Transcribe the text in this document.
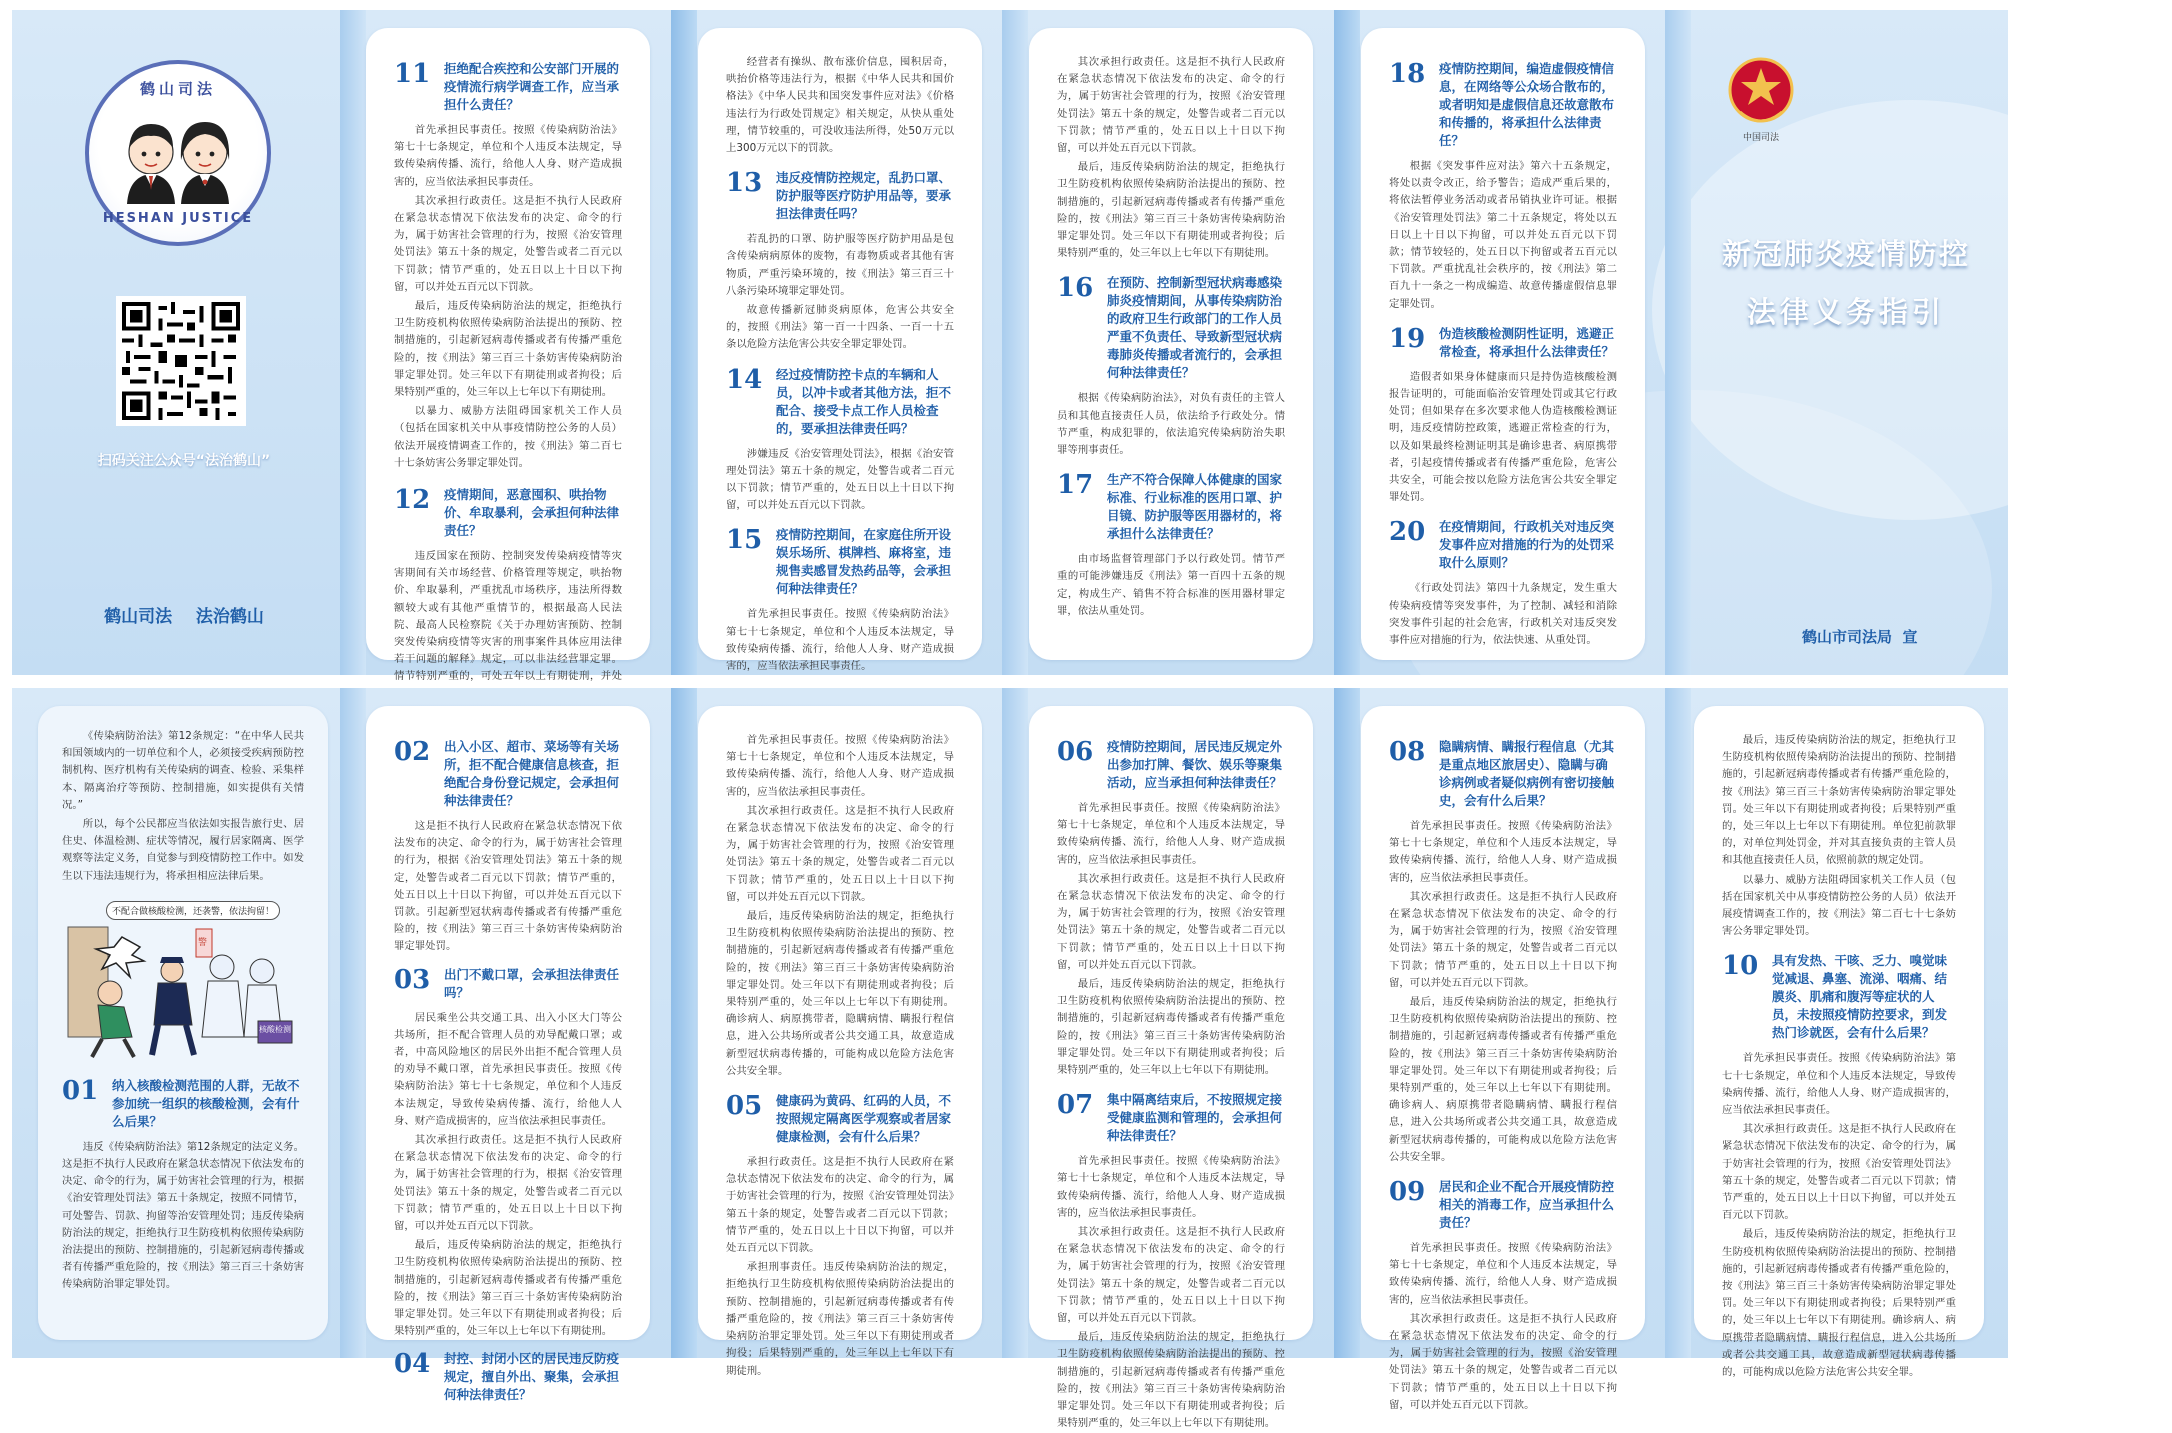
鹤山司法
HESHAN JUSTICE
扫码关注公众号“法治鹤山”
鹤山司法    法治鹤山
11	拒绝配合疾控和公安部门开展的疫情流行病学调查工作，应当承担什么责任？

首先承担民事责任。按照《传染病防治法》第七十七条规定，单位和个人违反本法规定，导致传染病传播、流行，给他人人身、财产造成损害的，应当依法承担民事责任。

其次承担行政责任。这是拒不执行人民政府在紧急状态情况下依法发布的决定、命令的行为，属于妨害社会管理的行为，按照《治安管理处罚法》第五十条的规定，处警告或者二百元以下罚款；情节严重的，处五日以上十日以下拘留，可以并处五百元以下罚款。

最后，违反传染病防治法的规定，拒绝执行卫生防疫机构依照传染病防治法提出的预防、控制措施的，引起新冠病毒传播或者有传播严重危险的，按《刑法》第三百三十条妨害传染病防治罪定罪处罚。处三年以下有期徒刑或者拘役；后果特别严重的，处三年以上七年以下有期徒刑。

以暴力、威胁方法阻碍国家机关工作人员（包括在国家机关中从事疫情防控公务的人员）依法开展疫情调查工作的，按《刑法》第二百七十七条妨害公务罪定罪处罚。

12	疫情期间，恶意囤积、哄抬物价、牟取暴利，会承担何种法律责任？

违反国家在预防、控制突发传染病疫情等灾害期间有关市场经营、价格管理等规定，哄抬物价、牟取暴利，严重扰乱市场秩序，违法所得数额较大或有其他严重情节的，根据最高人民法院、最高人民检察院《关于办理妨害预防、控制突发传染病疫情等灾害的刑事案件具体应用法律若干问题的解释》规定，可以非法经营罪定罪。情节特别严重的，可处五年以上有期徒刑，并处

经营者有操纵、散布涨价信息，囤积居奇，哄抬价格等违法行为，根据《中华人民共和国价格法》《中华人民共和国突发事件应对法》《价格违法行为行政处罚规定》相关规定，从快从重处理，情节较重的，可没收违法所得，处50万元以上300万元以下的罚款。

13	违反疫情防控规定，乱扔口罩、防护服等医疗防护用品等，要承担法律责任吗？

若乱扔的口罩、防护服等医疗防护用品是包含传染病病原体的废物，有毒物质或者其他有害物质，严重污染环境的，按《刑法》第三百三十八条污染环境罪定罪处罚。

故意传播新冠肺炎病原体，危害公共安全的，按照《刑法》第一百一十四条、一百一十五条以危险方法危害公共安全罪定罪处罚。

14	经过疫情防控卡点的车辆和人员，以冲卡或者其他方法，拒不配合、接受卡点工作人员检查的，要承担法律责任吗？

涉嫌违反《治安管理处罚法》，根据《治安管理处罚法》第五十条的规定，处警告或者二百元以下罚款；情节严重的，处五日以上十日以下拘留，可以并处五百元以下罚款。

15	疫情防控期间，在家庭住所开设娱乐场所、棋牌档、麻将室，违规售卖感冒发热药品等，会承担何种法律责任？

首先承担民事责任。按照《传染病防治法》第七十七条规定，单位和个人违反本法规定，导致传染病传播、流行，给他人人身、财产造成损害的，应当依法承担民事责任。

其次承担行政责任。这是拒不执行人民政府在紧急状态情况下依法发布的决定、命令的行为，属于妨害社会管理的行为，按照《治安管理处罚法》第五十条的规定，处警告或者二百元以下罚款；情节严重的，处五日以上十日以下拘留，可以并处五百元以下罚款。

最后，违反传染病防治法的规定，拒绝执行卫生防疫机构依照传染病防治法提出的预防、控制措施的，引起新冠病毒传播或者有传播严重危险的，按《刑法》第三百三十条妨害传染病防治罪定罪处罚。处三年以下有期徒刑或者拘役；后果特别严重的，处三年以上七年以下有期徒刑。

16	在预防、控制新型冠状病毒感染肺炎疫情期间，从事传染病防治的政府卫生行政部门的工作人员严重不负责任、导致新型冠状病毒肺炎传播或者流行的，会承担何种法律责任？

根据《传染病防治法》，对负有责任的主管人员和其他直接责任人员，依法给予行政处分。情节严重，构成犯罪的，依法追究传染病防治失职罪等刑事责任。

17	生产不符合保障人体健康的国家标准、行业标准的医用口罩、护目镜、防护服等医用器材的，将承担什么法律责任？

由市场监督管理部门予以行政处罚。情节严重的可能涉嫌违反《刑法》第一百四十五条的规定，构成生产、销售不符合标准的医用器材罪定罪，依法从重处罚。

18	疫情防控期间，编造虚假疫情信息，在网络等公众场合散布的，或者明知是虚假信息还故意散布和传播的，将承担什么法律责任？

根据《突发事件应对法》第六十五条规定，将处以责令改正，给予警告；造成严重后果的，将依法暂停业务活动或者吊销执业许可证。根据《治安管理处罚法》第二十五条规定，将处以五日以上十日以下拘留，可以并处五百元以下罚款；情节较轻的，处五日以下拘留或者五百元以下罚款。严重扰乱社会秩序的，按《刑法》第二百九十一条之一构成编造、故意传播虚假信息罪定罪处罚。

19	伪造核酸检测阴性证明，逃避正常检查，将承担什么法律责任？

造假者如果身体健康而只是持伪造核酸检测报告证明的，可能面临治安管理处罚或其它行政处罚；但如果存在多次要求他人伪造核酸检测证明，违反疫情防控政策，逃避正常检查的行为，以及如果最终检测证明其是确诊患者、病原携带者，引起疫情传播或者有传播严重危险，危害公共安全，可能会按以危险方法危害公共安全罪定罪处罚。

20	在疫情期间，行政机关对违反突发事件应对措施的行为的处罚采取什么原则？

《行政处罚法》第四十九条规定，发生重大传染病疫情等突发事件，为了控制、减轻和消除突发事件引起的社会危害，行政机关对违反突发事件应对措施的行为，依法快速、从重处罚。

中国司法
新冠肺炎疫情防控
法律义务指引
鹤山市司法局  宣

《传染病防治法》第12条规定：“在中华人民共和国领域内的一切单位和个人，必须接受疾病预防控制机构、医疗机构有关传染病的调查、检验、采集样本、隔离治疗等预防、控制措施，如实提供有关情况。”

所以，每个公民都应当依法如实报告旅行史、居住史、体温检测、症状等情况，履行居家隔离、医学观察等法定义务，自觉参与到疫情防控工作中。如发生以下违法违规行为，将承担相应法律后果。

不配合做核酸检测，还袭警，依法拘留！
警
核酸检测
01	纳入核酸检测范围的人群，无故不参加统一组织的核酸检测，会有什么后果？

违反《传染病防治法》第12条规定的法定义务。这是拒不执行人民政府在紧急状态情况下依法发布的决定、命令的行为，属于妨害社会管理的行为，根据《治安管理处罚法》第五十条规定，按照不同情节，可处警告、罚款、拘留等治安管理处罚；违反传染病防治法的规定，拒绝执行卫生防疫机构依照传染病防治法提出的预防、控制措施的，引起新冠病毒传播或者有传播严重危险的，按《刑法》第三百三十条妨害传染病防治罪定罪处罚。

02	出入小区、超市、菜场等有关场所，拒不配合健康信息核查，拒绝配合身份登记规定，会承担何种法律责任？

这是拒不执行人民政府在紧急状态情况下依法发布的决定、命令的行为，属于妨害社会管理的行为，根据《治安管理处罚法》第五十条的规定，处警告或者二百元以下罚款；情节严重的，处五日以上十日以下拘留，可以并处五百元以下罚款。引起新型冠状病毒传播或者有传播严重危险的，按《刑法》第三百三十条妨害传染病防治罪定罪处罚。

03	出门不戴口罩，会承担法律责任吗？

居民乘坐公共交通工具、出入小区大门等公共场所，拒不配合管理人员的劝导配戴口罩；或者，中高风险地区的居民外出拒不配合管理人员的劝导不戴口罩，首先承担民事责任。按照《传染病防治法》第七十七条规定，单位和个人违反本法规定，导致传染病传播、流行，给他人人身、财产造成损害的，应当依法承担民事责任。

其次承担行政责任。这是拒不执行人民政府在紧急状态情况下依法发布的决定、命令的行为，属于妨害社会管理的行为，根据《治安管理处罚法》第五十条的规定，处警告或者二百元以下罚款；情节严重的，处五日以上十日以下拘留，可以并处五百元以下罚款。

最后，违反传染病防治法的规定，拒绝执行卫生防疫机构依照传染病防治法提出的预防、控制措施的，引起新冠病毒传播或者有传播严重危险的，按《刑法》第三百三十条妨害传染病防治罪定罪处罚。处三年以下有期徒刑或者拘役；后果特别严重的，处三年以上七年以下有期徒刑。

04	封控、封闭小区的居民违反防疫规定，擅自外出、聚集，会承担何种法律责任？

首先承担民事责任。按照《传染病防治法》第七十七条规定，单位和个人违反本法规定，导致传染病传播、流行，给他人人身、财产造成损害的，应当依法承担民事责任。

其次承担行政责任。这是拒不执行人民政府在紧急状态情况下依法发布的决定、命令的行为，属于妨害社会管理的行为，按照《治安管理处罚法》第五十条的规定，处警告或者二百元以下罚款；情节严重的，处五日以上十日以下拘留，可以并处五百元以下罚款。

最后，违反传染病防治法的规定，拒绝执行卫生防疫机构依照传染病防治法提出的预防、控制措施的，引起新冠病毒传播或者有传播严重危险的，按《刑法》第三百三十条妨害传染病防治罪定罪处罚。处三年以下有期徒刑或者拘役；后果特别严重的，处三年以上七年以下有期徒刑。确诊病人、病原携带者，隐瞒病情、瞒报行程信息，进入公共场所或者公共交通工具，故意造成新型冠状病毒传播的，可能构成以危险方法危害公共安全罪。

05	健康码为黄码、红码的人员，不按照规定隔离医学观察或者居家健康检测，会有什么后果？

承担行政责任。这是拒不执行人民政府在紧急状态情况下依法发布的决定、命令的行为，属于妨害社会管理的行为，按照《治安管理处罚法》第五十条的规定，处警告或者二百元以下罚款；情节严重的，处五日以上十日以下拘留，可以并处五百元以下罚款。

承担刑事责任。违反传染病防治法的规定，拒绝执行卫生防疫机构依照传染病防治法提出的预防、控制措施的，引起新冠病毒传播或者有传播严重危险的，按《刑法》第三百三十条妨害传染病防治罪定罪处罚。处三年以下有期徒刑或者拘役；后果特别严重的，处三年以上七年以下有期徒刑。

06	疫情防控期间，居民违反规定外出参加打牌、餐饮、娱乐等聚集活动，应当承担何种法律责任？

首先承担民事责任。按照《传染病防治法》第七十七条规定，单位和个人违反本法规定，导致传染病传播、流行，给他人人身、财产造成损害的，应当依法承担民事责任。

其次承担行政责任。这是拒不执行人民政府在紧急状态情况下依法发布的决定、命令的行为，属于妨害社会管理的行为，按照《治安管理处罚法》第五十条的规定，处警告或者二百元以下罚款；情节严重的，处五日以上十日以下拘留，可以并处五百元以下罚款。

最后，违反传染病防治法的规定，拒绝执行卫生防疫机构依照传染病防治法提出的预防、控制措施的，引起新冠病毒传播或者有传播严重危险的，按《刑法》第三百三十条妨害传染病防治罪定罪处罚。处三年以下有期徒刑或者拘役；后果特别严重的，处三年以上七年以下有期徒刑。

07	集中隔离结束后，不按照规定接受健康监测和管理的，会承担何种法律责任？

首先承担民事责任。按照《传染病防治法》第七十七条规定，单位和个人违反本法规定，导致传染病传播、流行，给他人人身、财产造成损害的，应当依法承担民事责任。

其次承担行政责任。这是拒不执行人民政府在紧急状态情况下依法发布的决定、命令的行为，属于妨害社会管理的行为，按照《治安管理处罚法》第五十条的规定，处警告或者二百元以下罚款；情节严重的，处五日以上十日以下拘留，可以并处五百元以下罚款。

最后，违反传染病防治法的规定，拒绝执行卫生防疫机构依照传染病防治法提出的预防、控制措施的，引起新冠病毒传播或者有传播严重危险的，按《刑法》第三百三十条妨害传染病防治罪定罪处罚。处三年以下有期徒刑或者拘役；后果特别严重的，处三年以上七年以下有期徒刑。

08	隐瞒病情、瞒报行程信息（尤其是重点地区旅居史）、隐瞒与确诊病例或者疑似病例有密切接触史，会有什么后果？

首先承担民事责任。按照《传染病防治法》第七十七条规定，单位和个人违反本法规定，导致传染病传播、流行，给他人人身、财产造成损害的，应当依法承担民事责任。

其次承担行政责任。这是拒不执行人民政府在紧急状态情况下依法发布的决定、命令的行为，属于妨害社会管理的行为，按照《治安管理处罚法》第五十条的规定，处警告或者二百元以下罚款；情节严重的，处五日以上十日以下拘留，可以并处五百元以下罚款。

最后，违反传染病防治法的规定，拒绝执行卫生防疫机构依照传染病防治法提出的预防、控制措施的，引起新冠病毒传播或者有传播严重危险的，按《刑法》第三百三十条妨害传染病防治罪定罪处罚。处三年以下有期徒刑或者拘役；后果特别严重的，处三年以上七年以下有期徒刑。确诊病人、病原携带者隐瞒病情、瞒报行程信息，进入公共场所或者公共交通工具，故意造成新型冠状病毒传播的，可能构成以危险方法危害公共安全罪。

09	居民和企业不配合开展疫情防控相关的消毒工作，应当承担什么责任？

首先承担民事责任。按照《传染病防治法》第七十七条规定，单位和个人违反本法规定，导致传染病传播、流行，给他人人身、财产造成损害的，应当依法承担民事责任。

其次承担行政责任。这是拒不执行人民政府在紧急状态情况下依法发布的决定、命令的行为，属于妨害社会管理的行为，按照《治安管理处罚法》第五十条的规定，处警告或者二百元以下罚款；情节严重的，处五日以上十日以下拘留，可以并处五百元以下罚款。

最后，违反传染病防治法的规定，拒绝执行卫生防疫机构依照传染病防治法提出的预防、控制措施的，引起新冠病毒传播或者有传播严重危险的，按《刑法》第三百三十条妨害传染病防治罪定罪处罚。处三年以下有期徒刑或者拘役；后果特别严重的，处三年以上七年以下有期徒刑。单位犯前款罪的，对单位判处罚金，并对其直接负责的主管人员和其他直接责任人员，依照前款的规定处罚。

以暴力、威胁方法阻碍国家机关工作人员（包括在国家机关中从事疫情防控公务的人员）依法开展疫情调查工作的，按《刑法》第二百七十七条妨害公务罪定罪处罚。

10	具有发热、干咳、乏力、嗅觉味觉减退、鼻塞、流涕、咽痛、结膜炎、肌痛和腹泻等症状的人员，未按照疫情防控要求，到发热门诊就医，会有什么后果？

首先承担民事责任。按照《传染病防治法》第七十七条规定，单位和个人违反本法规定，导致传染病传播、流行，给他人人身、财产造成损害的，应当依法承担民事责任。

其次承担行政责任。这是拒不执行人民政府在紧急状态情况下依法发布的决定、命令的行为，属于妨害社会管理的行为，按照《治安管理处罚法》第五十条的规定，处警告或者二百元以下罚款；情节严重的，处五日以上十日以下拘留，可以并处五百元以下罚款。

最后，违反传染病防治法的规定，拒绝执行卫生防疫机构依照传染病防治法提出的预防、控制措施的，引起新冠病毒传播或者有传播严重危险的，按《刑法》第三百三十条妨害传染病防治罪定罪处罚。处三年以下有期徒刑或者拘役；后果特别严重的，处三年以上七年以下有期徒刑。确诊病人、病原携带者隐瞒病情、瞒报行程信息，进入公共场所或者公共交通工具，故意造成新型冠状病毒传播的，可能构成以危险方法危害公共安全罪。
